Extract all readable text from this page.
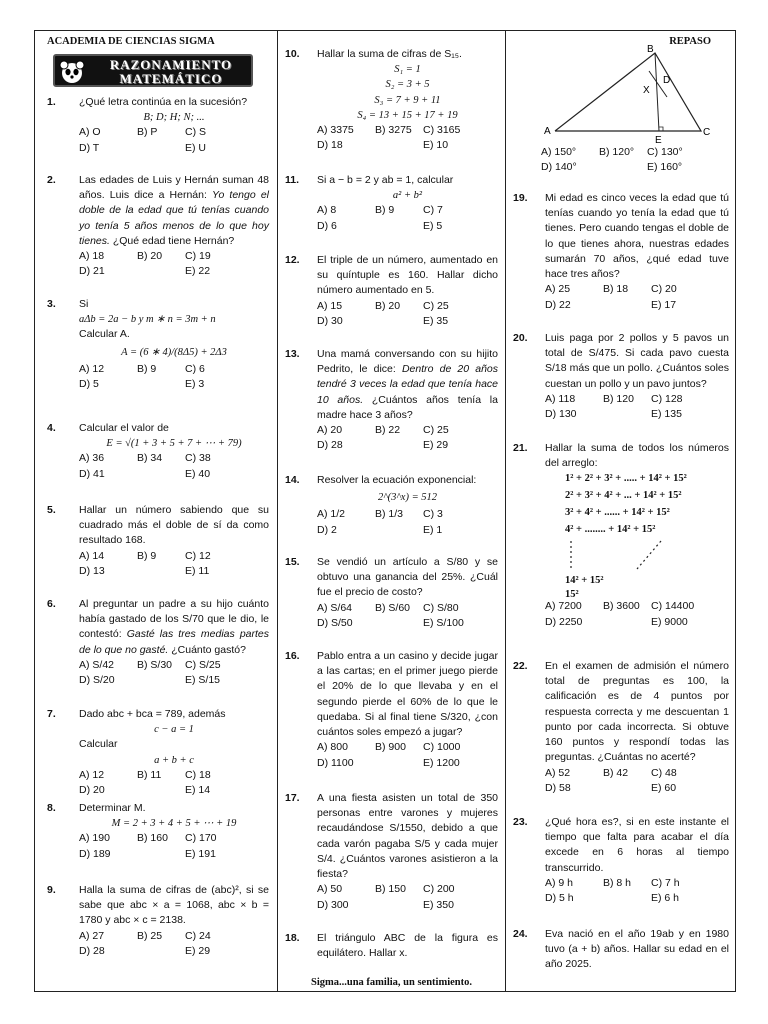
ACADEMIA DE CIENCIAS SIGMA	REPASO
RAZONAMIENTO
MATEMÁTICO
1. ¿Qué letra continúa en la sucesión?
B; D; H; N; ...
A) O	B) P	C) S
D) T	E) U
2. Las edades de Luis y Hernán suman 48 años. Luis dice a Hernán: Yo tengo el doble de la edad que tú tenías cuando yo tenía 5 años menos de lo que hoy tienes. ¿Qué edad tiene Hernán?
A) 18	B) 20	C) 19
D) 21	E) 22
3. Si
aΔb = 2a − b y m ∗ n = 3m + n
Calcular A.
A = (6 ∗ 4)/(8Δ5) + 2Δ3
A) 12	B) 9	C) 6
D) 5	E) 3
4. Calcular el valor de
E = √(1 + 3 + 5 + 7 + ⋯ + 79)
A) 36	B) 34	C) 38
D) 41	E) 40
5. Hallar un número sabiendo que su cuadrado más el doble de sí da como resultado 168.
A) 14	B) 9	C) 12
D) 13	E) 11
6. Al preguntar un padre a su hijo cuánto había gastado de los S/70 que le dio, le contestó: Gasté las tres medias partes de lo que no gasté. ¿Cuánto gastó?
A) S/42	B) S/30	C) S/25
D) S/20	E) S/15
7. Dado abc + bca = 789, además
c − a = 1
Calcular
a + b + c
A) 12	B) 11	C) 18
D) 20	E) 14
8. Determinar M.
M = 2 + 3 + 4 + 5 + ⋯ + 19
A) 190	B) 160	C) 170
D) 189	E) 191
9. Halla la suma de cifras de (abc)², si se sabe que abc × a = 1068, abc × b = 1780 y abc × c = 2138.
A) 27	B) 25	C) 24
D) 28	E) 29
10. Hallar la suma de cifras de S₁₅.
S₁ = 1
S₂ = 3 + 5
S₃ = 7 + 9 + 11
S₄ = 13 + 15 + 17 + 19
A) 3375	B) 3275	C) 3165
D) 18	E) 10
11. Si a − b = 2 y ab = 1, calcular
a² + b²
A) 8	B) 9	C) 7
D) 6	E) 5
12. El triple de un número, aumentado en su quíntuple es 160. Hallar dicho número aumentado en 5.
A) 15	B) 20	C) 25
D) 30	E) 35
13. Una mamá conversando con su hijito Pedrito, le dice: Dentro de 20 años tendré 3 veces la edad que tenía hace 10 años. ¿Cuántos años tenía la madre hace 3 años?
A) 20	B) 22	C) 25
D) 28	E) 29
14. Resolver la ecuación exponencial:
2^(3^x) = 512
A) 1/2	B) 1/3	C) 3
D) 2	E) 1
15. Se vendió un artículo a S/80 y se obtuvo una ganancia del 25%. ¿Cuál fue el precio de costo?
A) S/64	B) S/60	C) S/80
D) S/50	E) S/100
16. Pablo entra a un casino y decide jugar a las cartas; en el primer juego pierde el 20% de lo que llevaba y en el segundo pierde el 60% de lo que le quedaba. Si al final tiene S/320, ¿con cuántos soles empezó a jugar?
A) 800	B) 900	C) 1000
D) 1100	E) 1200
17. A una fiesta asisten un total de 350 personas entre varones y mujeres recaudándose S/1550, debido a que cada varón pagaba S/5 y cada mujer S/4. ¿Cuántos varones asistieron a la fiesta?
A) 50	B) 150	C) 200
D) 300	E) 350
18. El triángulo ABC de la figura es equilátero. Hallar x.
Sigma...una familia, un sentimiento.
A
B
C
D
E
X
A) 150°	B) 120°	C) 130°
D) 140°	E) 160°
19. Mi edad es cinco veces la edad que tú tenías cuando yo tenía la edad que tú tienes. Pero cuando tengas el doble de lo que tienes ahora, nuestras edades sumarán 70 años, ¿qué edad tuve hace tres años?
A) 25	B) 18	C) 20
D) 22	E) 17
20. Luis paga por 2 pollos y 5 pavos un total de S/475. Si cada pavo cuesta S/18 más que un pollo. ¿Cuántos soles cuestan un pollo y un pavo juntos?
A) 118	B) 120	C) 128
D) 130	E) 135
21. Hallar la suma de todos los números del arreglo:
1² + 2² + 3² + ..... + 14² + 15²
2² + 3² + 4² + ... + 14² + 15²
3² + 4² + ...... + 14² + 15²
4² + ........ + 14² + 15²
14² + 15²
15²
A) 7200	B) 3600	C) 14400
D) 2250	E) 9000
22. En el examen de admisión el número total de preguntas es 100, la calificación es de 4 puntos por respuesta correcta y me descuentan 1 punto por cada incorrecta. Si obtuve 160 puntos y respondí todas las preguntas. ¿Cuántas no acerté?
A) 52	B) 42	C) 48
D) 58	E) 60
23. ¿Qué hora es?, si en este instante el tiempo que falta para acabar el día excede en 6 horas al tiempo transcurrido.
A) 9 h	B) 8 h	C) 7 h
D) 5 h	E) 6 h
24. Eva nació en el año 19ab y en 1980 tuvo (a + b) años. Hallar su edad en el año 2025.
